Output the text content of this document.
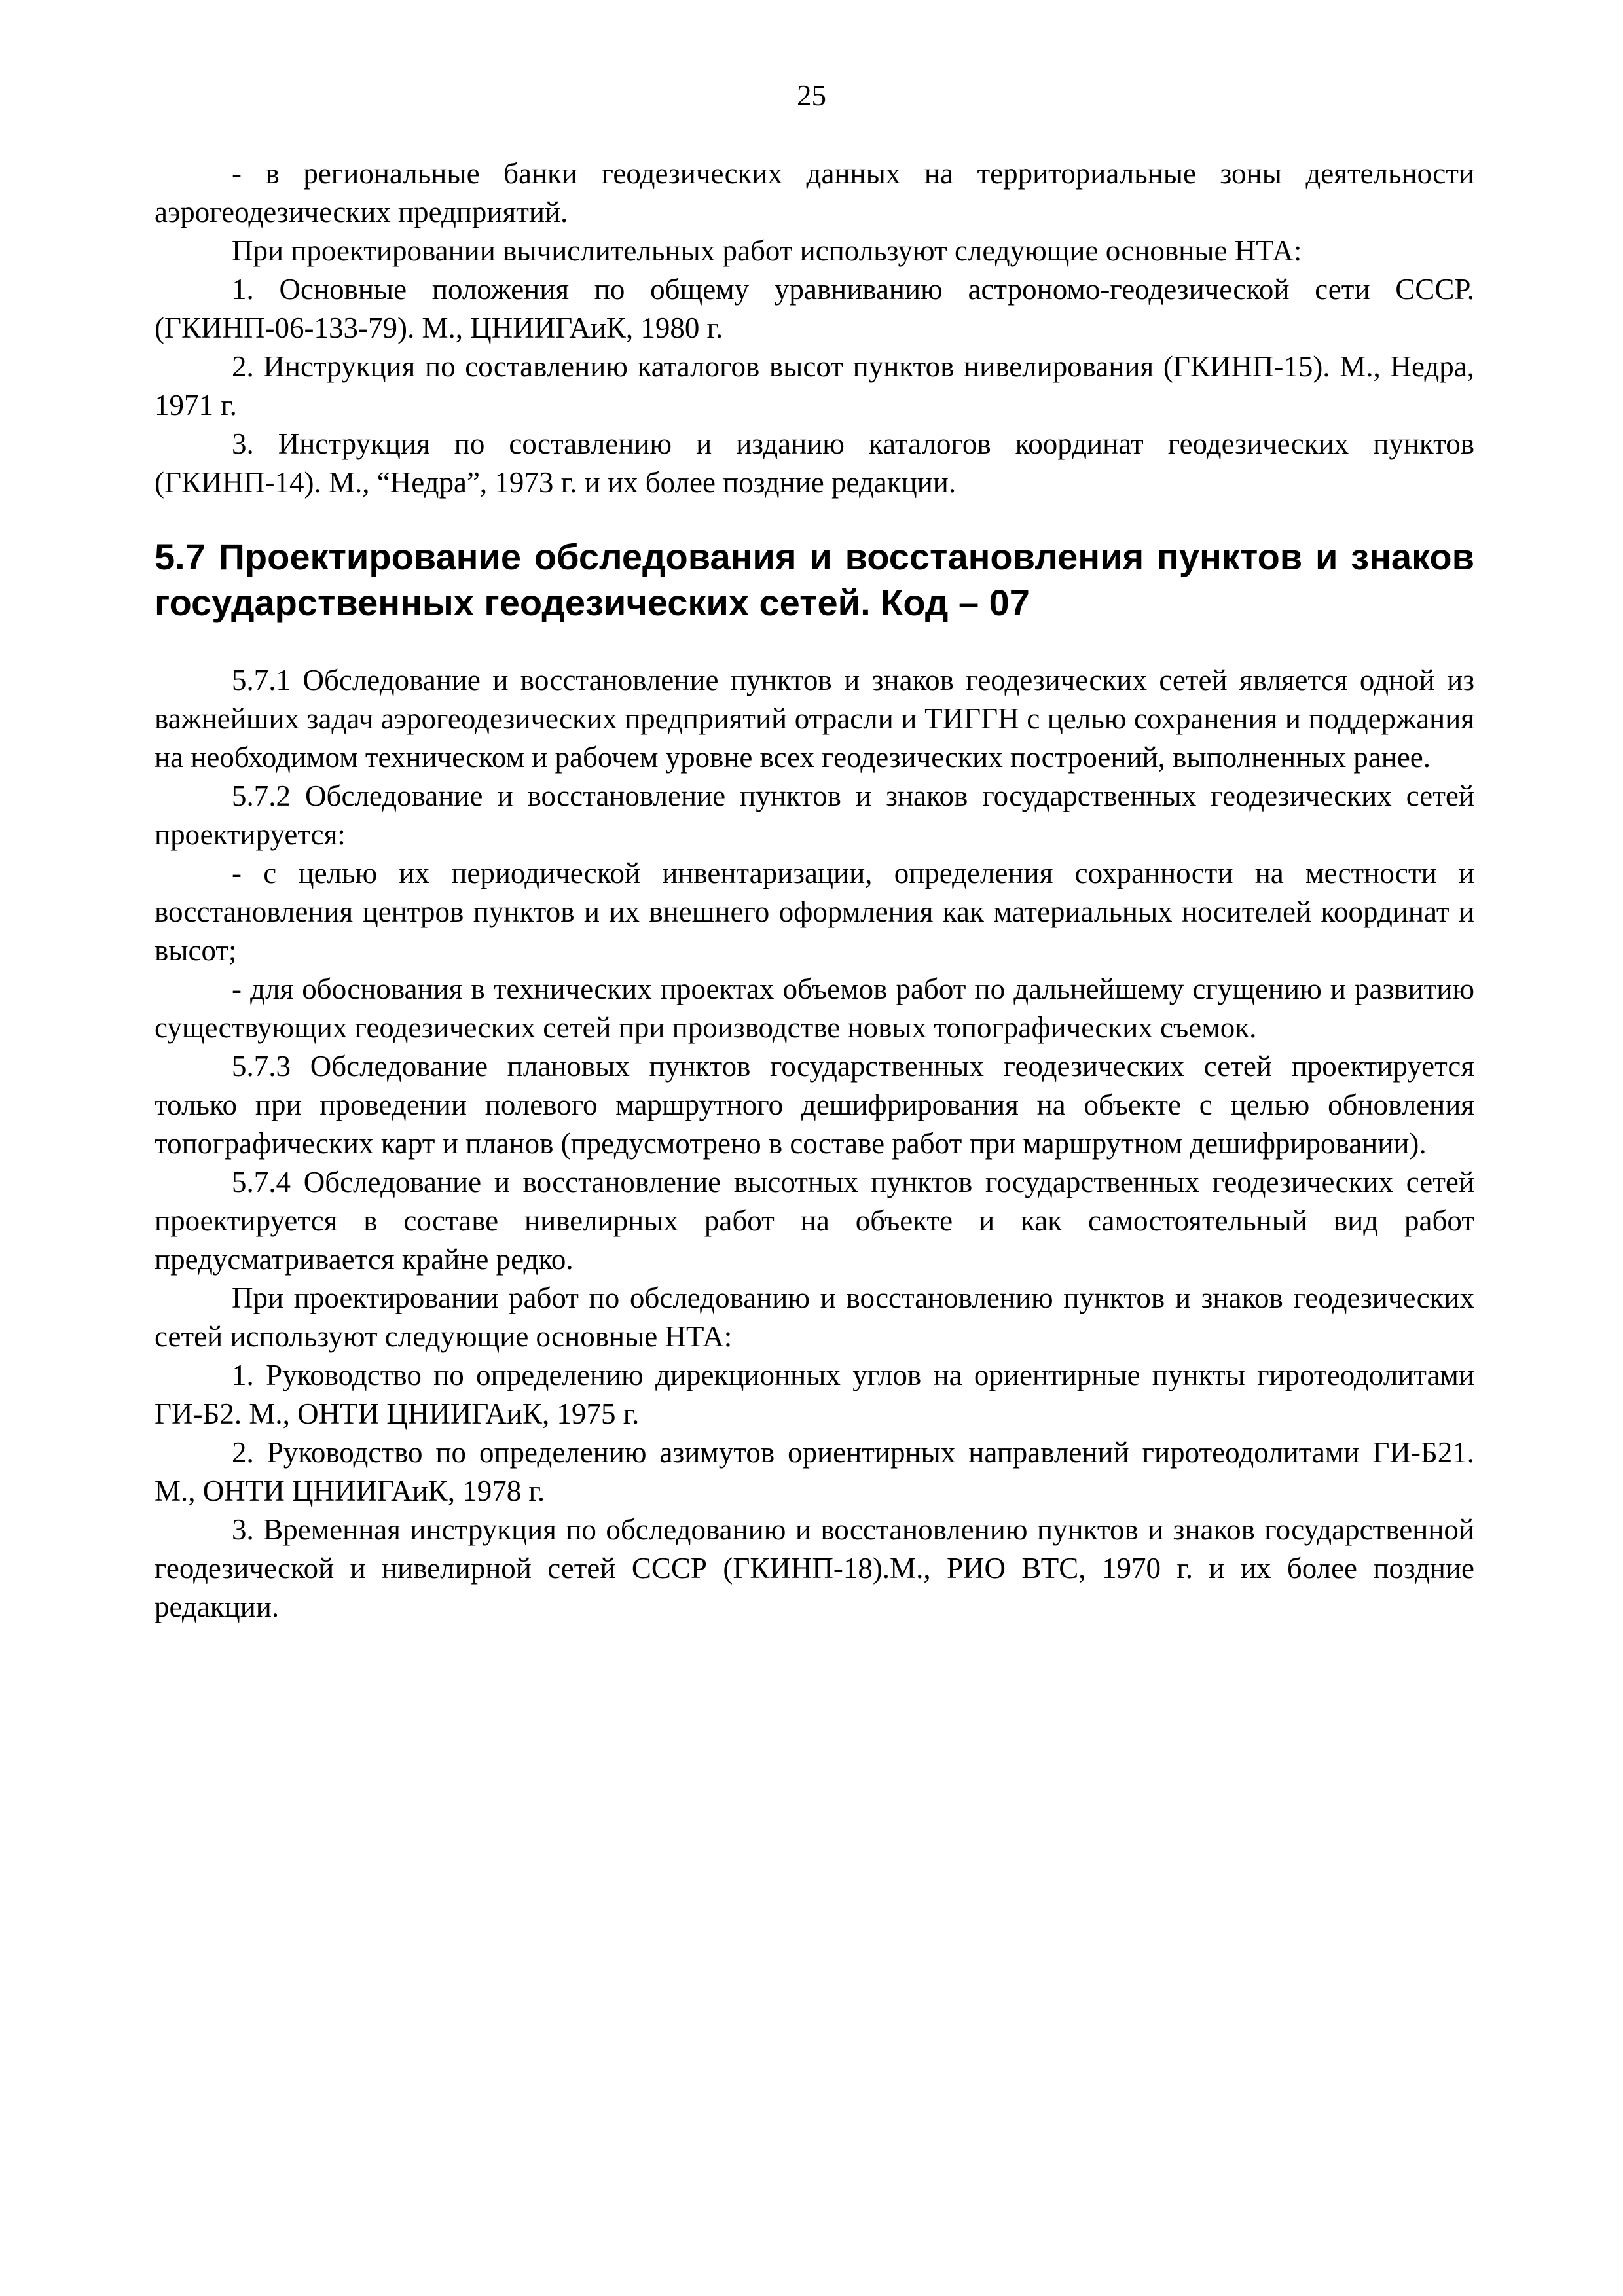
25

- в региональные банки геодезических данных на территориальные зоны деятельности аэрогеодезических предприятий.

При проектировании вычислительных работ используют следующие основные НТА:

1. Основные положения по общему уравниванию астрономо-геодезической сети СССР. (ГКИНП-06-133-79). М., ЦНИИГАиК, 1980 г.

2. Инструкция по составлению каталогов высот пунктов нивелирования (ГКИНП-15). М., Недра, 1971 г.

3. Инструкция по составлению и изданию каталогов координат геодезических пунктов (ГКИНП-14). М., “Недра”, 1973 г. и их более поздние редакции.

5.7 Проектирование обследования и восстановления пунктов и знаков государственных геодезических сетей. Код – 07

5.7.1 Обследование и восстановление пунктов и знаков геодезических сетей является одной из важнейших задач аэрогеодезических предприятий отрасли и ТИГГН с целью сохранения и поддержания на необходимом техническом и рабочем уровне всех геодезических построений, выполненных ранее.

5.7.2 Обследование и восстановление пунктов и знаков государственных геодезических сетей проектируется:

- с целью их периодической инвентаризации, определения сохранности на местности и восстановления центров пунктов и их внешнего оформления как материальных носителей координат и высот;

- для обоснования в технических проектах объемов работ по дальнейшему сгущению и развитию существующих геодезических сетей при производстве новых топографических съемок.

5.7.3 Обследование плановых пунктов государственных геодезических сетей проектируется только при проведении полевого маршрутного дешифрирования на объекте с целью обновления топографических карт и планов (предусмотрено в составе работ при маршрутном дешифрировании).

5.7.4 Обследование и восстановление высотных пунктов государственных геодезических сетей проектируется в составе нивелирных работ на объекте и как самостоятельный вид работ предусматривается крайне редко.

При проектировании работ по обследованию и восстановлению пунктов и знаков геодезических сетей используют следующие основные НТА:

1. Руководство по определению дирекционных углов на ориентирные пункты гиротеодолитами ГИ-Б2. М., ОНТИ ЦНИИГАиК, 1975 г.

2. Руководство по определению азимутов ориентирных направлений гиротеодолитами ГИ-Б21. М., ОНТИ ЦНИИГАиК, 1978 г.

3. Временная инструкция по обследованию и восстановлению пунктов и знаков государственной геодезической и нивелирной сетей СССР (ГКИНП-18).М., РИО ВТС, 1970 г. и их более поздние редакции.
